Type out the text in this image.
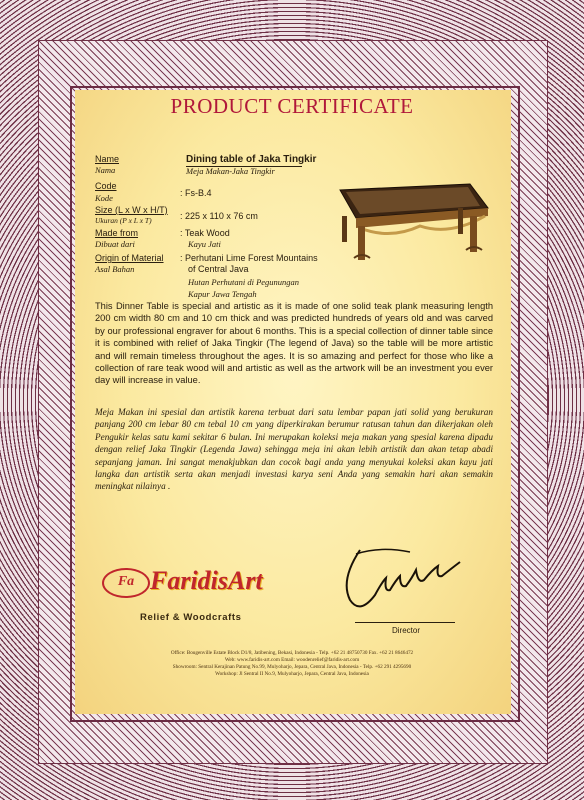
PRODUCT CERTIFICATE
Name
Nama
Dining table of Jaka Tingkir
Meja Makan-Jaka Tingkir
Code
Kode	: Fs-B.4
Size (L x W x H/T)
Ukuran (P x L x T)	: 225 x 110 x 76 cm
Made from
Dibuat dari
: Teak Wood
Kayu Jati
Origin of Material
Asal Bahan
: Perhutani Lime Forest Mountains
of Central Java
Hutan Perhutani di Pegunungan
Kapur Jawa Tengah
This Dinner Table is special and artistic as it is made of one solid teak plank measuring length 200 cm width 80 cm and 10 cm thick and was predicted hundreds of years old and was carved by our professional engraver for about 6 months. This is a special collection of dinner table since it is combined with relief of Jaka Tingkir (The legend of Java) so the table will be more artistic and will remain timeless throughout the ages. It is so amazing and perfect for those who like a collection of rare teak wood will and artistic as well as the artwork will be an investment you ever day will increase in value.
Meja Makan ini spesial dan artistik karena terbuat dari satu lembar papan jati solid yang berukuran panjang 200 cm lebar 80 cm tebal 10 cm yang diperkirakan berumur ratusan tahun dan dikerjakan oleh Pengukir kelas satu kami sekitar 6 bulan. Ini merupakan koleksi meja makan yang spesial karena dipadu dengan relief Jaka Tingkir (Legenda Jawa) sehingga meja ini akan lebih artistik dan akan tetap abadi sepanjang jaman. Ini sangat menakjubkan dan cocok bagi anda yang menyukai koleksi akan kayu jati langka dan artistik serta akan menjadi investasi karya seni Anda yang semakin hari akan semakin meningkat nilainya .
Fa FaridisArt
Relief & Woodcrafts
Director
Office: Bougenville Estate Block D1/8, Jatibening, Bekasi, Indonesia - Telp. +62 21 48750730 Fax. +62 21 8646472
Web: www.faridis-art.com Email: woodenrelief@faridis-art.com
Showroom: Sentral Kerajinan Patung No.99, Mulyoharjo, Jepara, Central Java, Indonesia - Telp. +62 291 4295690
Workshop: Jl Sentral II No.9, Mulyoharjo, Jepara, Central Java, Indonesia
